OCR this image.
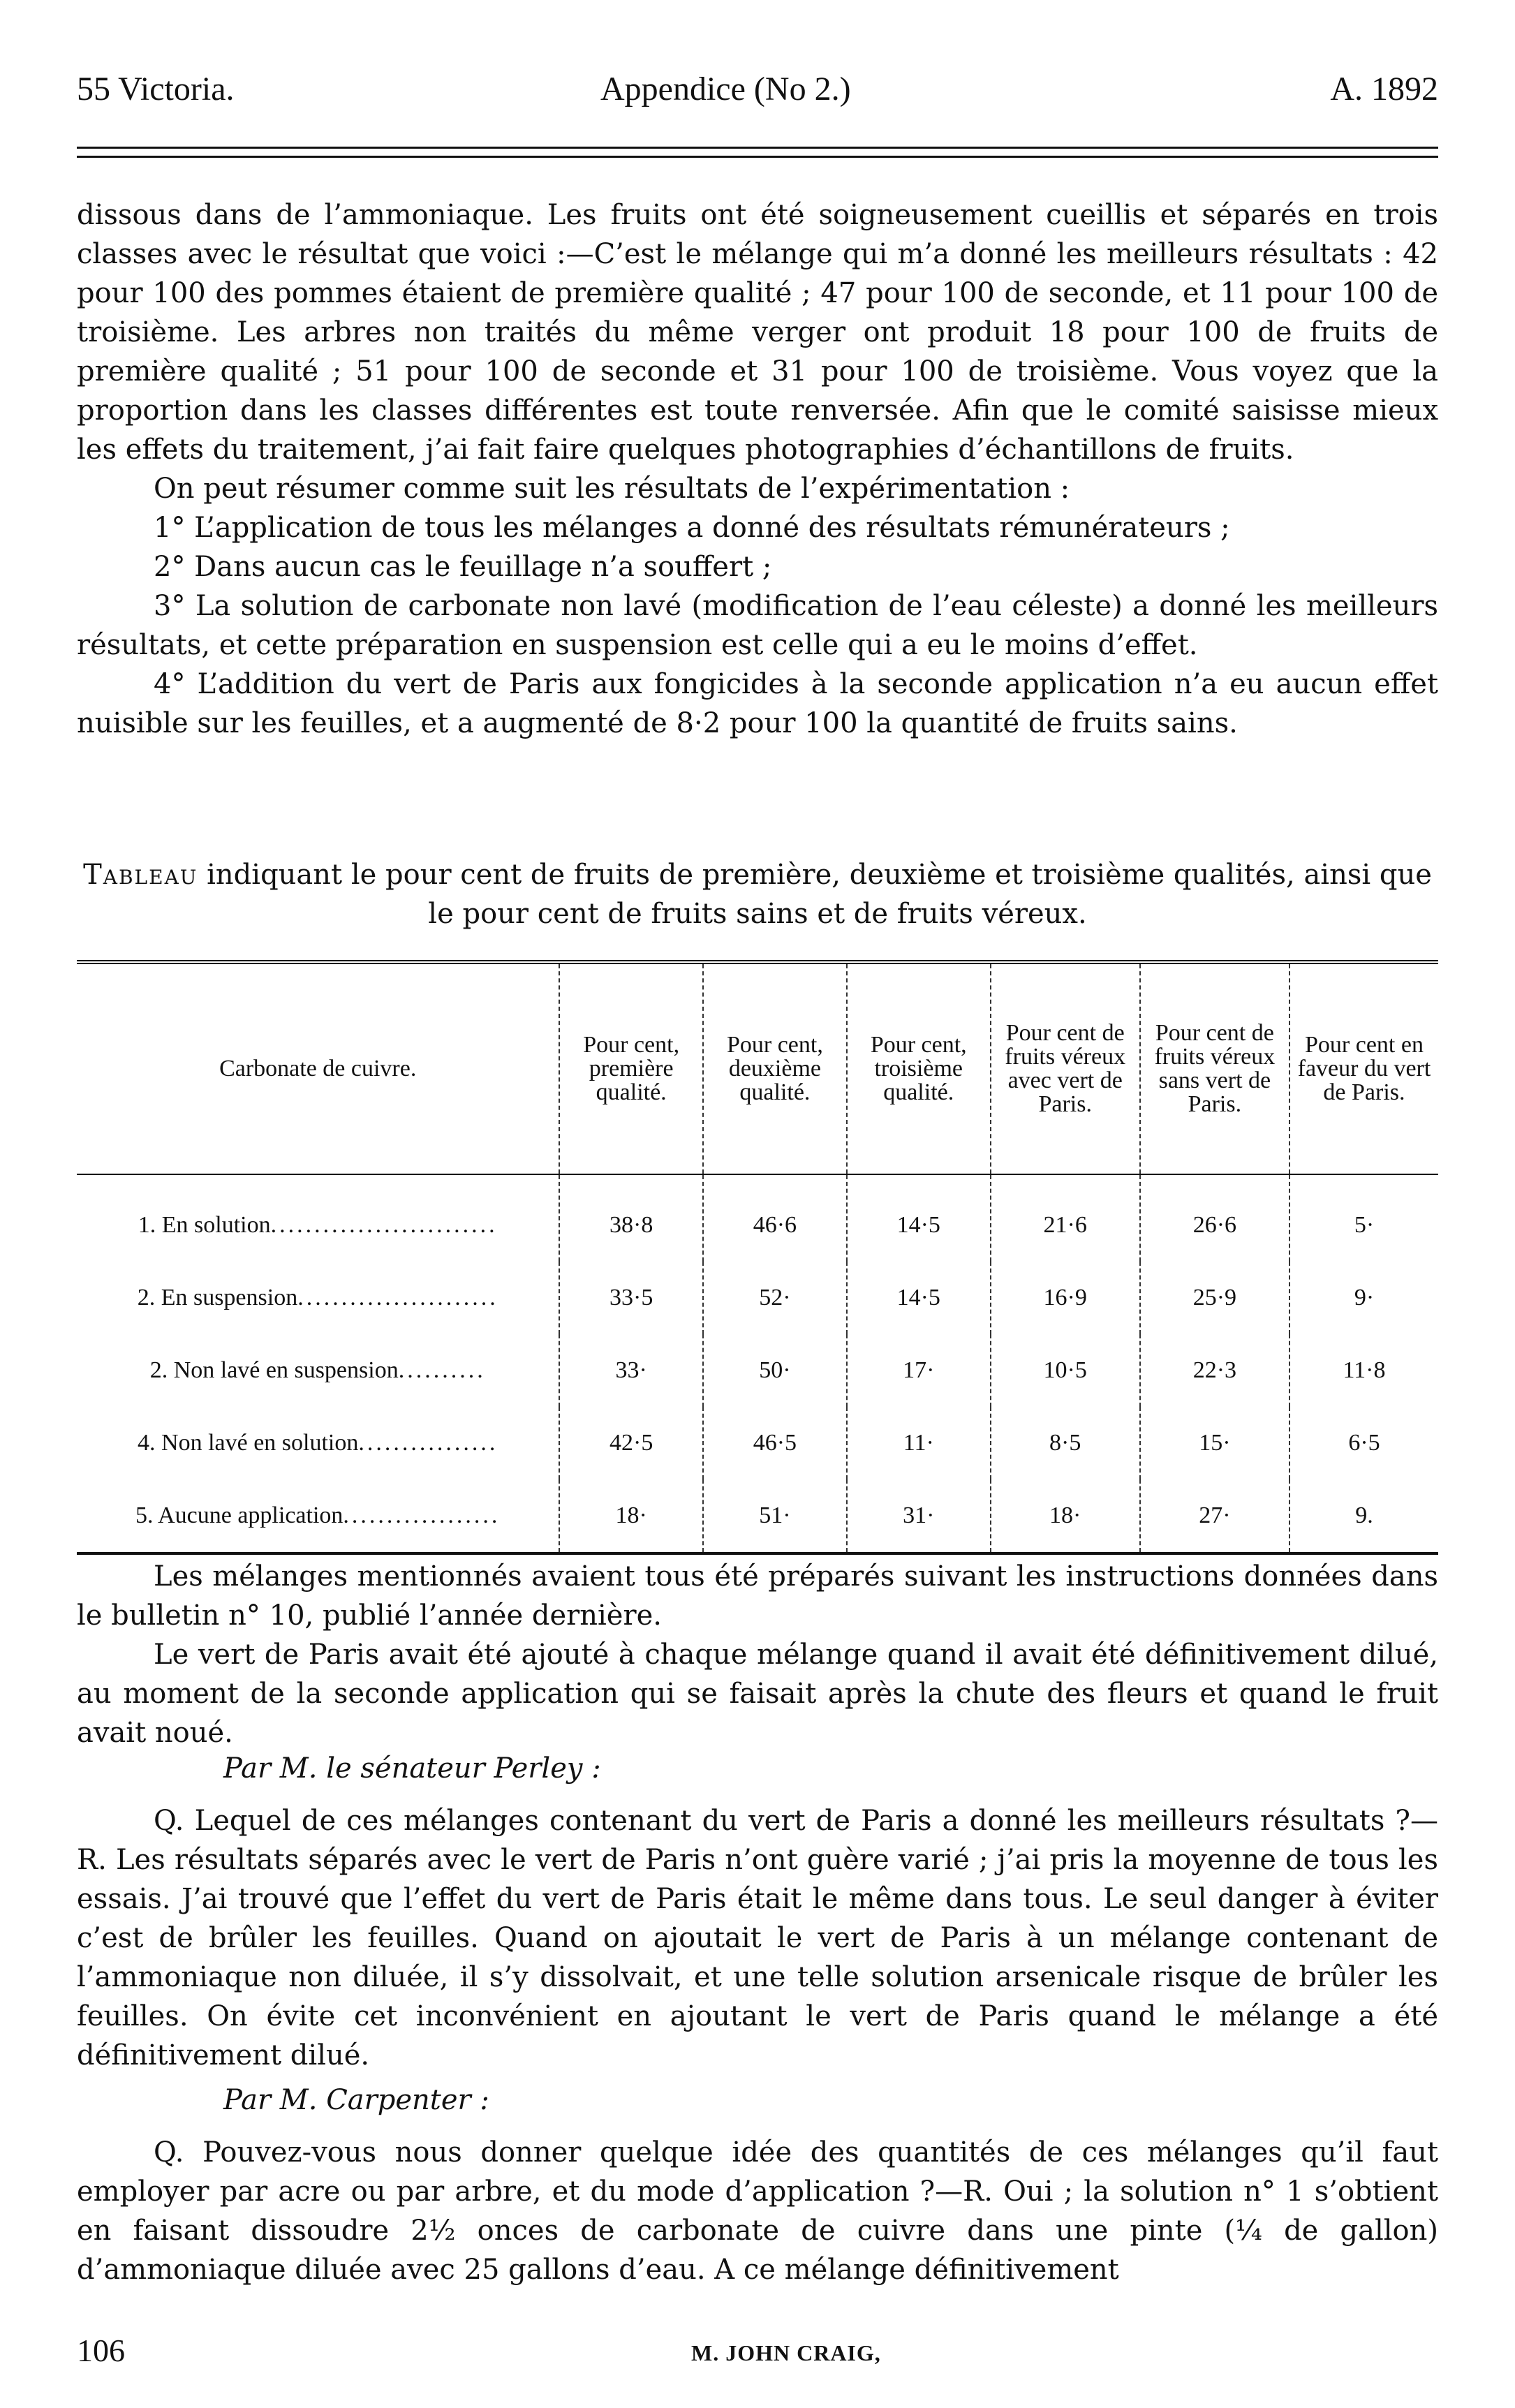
55 Victoria.	Appendice (No 2.)	A. 1892

dissous dans de l’ammoniaque. Les fruits ont été soigneusement cueillis et séparés en trois classes avec le résultat que voici :—C’est le mélange qui m’a donné les meilleurs résultats : 42 pour 100 des pommes étaient de première qualité ; 47 pour 100 de seconde, et 11 pour 100 de troisième. Les arbres non traités du même verger ont produit 18 pour 100 de fruits de première qualité ; 51 pour 100 de seconde et 31 pour 100 de troisième. Vous voyez que la proportion dans les classes différentes est toute renversée. Afin que le comité saisisse mieux les effets du traitement, j’ai fait faire quelques photographies d’échantillons de fruits.

On peut résumer comme suit les résultats de l’expérimentation :

1° L’application de tous les mélanges a donné des résultats rémunérateurs ;

2° Dans aucun cas le feuillage n’a souffert ;

3° La solution de carbonate non lavé (modification de l’eau céleste) a donné les meilleurs résultats, et cette préparation en suspension est celle qui a eu le moins d’effet.

4° L’addition du vert de Paris aux fongicides à la seconde application n’a eu aucun effet nuisible sur les feuilles, et a augmenté de 8·2 pour 100 la quantité de fruits sains.

Tableau indiquant le pour cent de fruits de première, deuxième et troisième qualités, ainsi que le pour cent de fruits sains et de fruits véreux.
Carbonate de cuivre.	Pour cent, première qualité.	Pour cent, deuxième qualité.	Pour cent, troisième qualité.	Pour cent de fruits véreux avec vert de Paris.	Pour cent de fruits véreux sans vert de Paris.	Pour cent en faveur du vert de Paris.
1. En solution..........................	38·8	46·6	14·5	21·6	26·6	5·
2. En suspension.......................	33·5	52·	14·5	16·9	25·9	9·
2. Non lavé en suspension..........	33·	50·	17·	10·5	22·3	11·8
4. Non lavé en solution................	42·5	46·5	11·	8·5	15·	6·5
5. Aucune application..................	18·	51·	31·	18·	27·	9.

Les mélanges mentionnés avaient tous été préparés suivant les instructions données dans le bulletin n° 10, publié l’année dernière.

Le vert de Paris avait été ajouté à chaque mélange quand il avait été définitivement dilué, au moment de la seconde application qui se faisait après la chute des fleurs et quand le fruit avait noué.

Par M. le sénateur Perley :

Q. Lequel de ces mélanges contenant du vert de Paris a donné les meilleurs résultats ?—R. Les résultats séparés avec le vert de Paris n’ont guère varié ; j’ai pris la moyenne de tous les essais. J’ai trouvé que l’effet du vert de Paris était le même dans tous. Le seul danger à éviter c’est de brûler les feuilles. Quand on ajoutait le vert de Paris à un mélange contenant de l’ammoniaque non diluée, il s’y dissolvait, et une telle solution arsenicale risque de brûler les feuilles. On évite cet inconvénient en ajoutant le vert de Paris quand le mélange a été définitivement dilué.

Par M. Carpenter :

Q. Pouvez-vous nous donner quelque idée des quantités de ces mélanges qu’il faut employer par acre ou par arbre, et du mode d’application ?—R. Oui ; la solution n° 1 s’obtient en faisant dissoudre 2½ onces de carbonate de cuivre dans une pinte (¼ de gallon) d’ammoniaque diluée avec 25 gallons d’eau. A ce mélange définitivement

106	M. JOHN CRAIG,
